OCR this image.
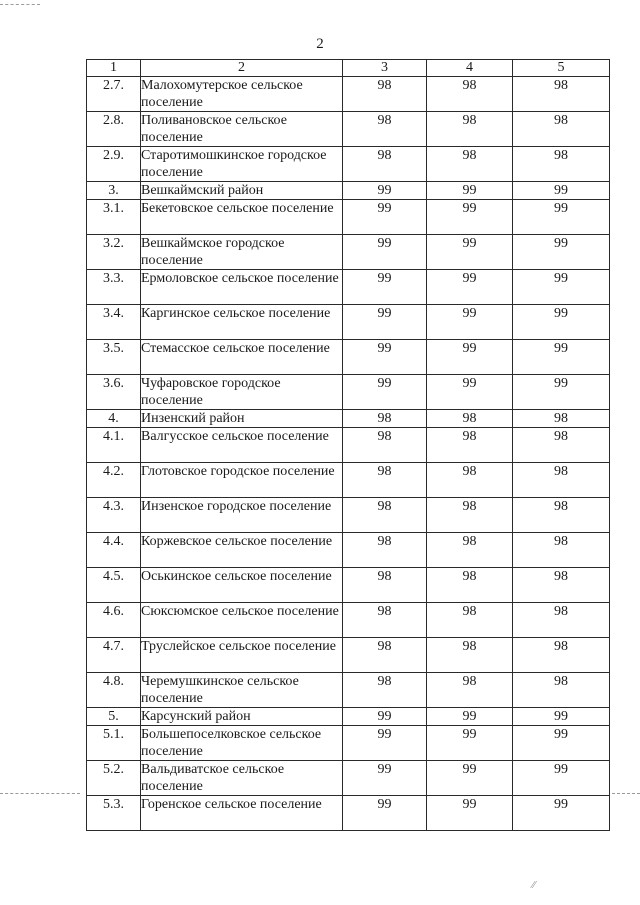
2
1	2	3	4	5
2.7.	Малохомутерское сельское поселение	98	98	98
2.8.	Поливановское сельское поселение	98	98	98
2.9.	Старотимошкинское городское поселение	98	98	98
3.	Вешкаймский район	99	99	99
3.1.	Бекетовское сельское поселение	99	99	99
3.2.	Вешкаймское городское поселение	99	99	99
3.3.	Ермоловское сельское поселение	99	99	99
3.4.	Каргинское сельское поселение	99	99	99
3.5.	Стемасское сельское поселение	99	99	99
3.6.	Чуфаровское городское поселение	99	99	99
4.	Инзенский район	98	98	98
4.1.	Валгусское сельское поселение	98	98	98
4.2.	Глотовское городское поселение	98	98	98
4.3.	Инзенское городское поселение	98	98	98
4.4.	Коржевское сельское поселение	98	98	98
4.5.	Оськинское сельское поселение	98	98	98
4.6.	Сюксюмское сельское поселение	98	98	98
4.7.	Труслейское сельское поселение	98	98	98
4.8.	Черемушкинское сельское поселение	98	98	98
5.	Карсунский район	99	99	99
5.1.	Большепоселковское сельское поселение	99	99	99
5.2.	Вальдиватское сельское поселение	99	99	99
5.3.	Горенское сельское поселение	99	99	99
⁄⁄
